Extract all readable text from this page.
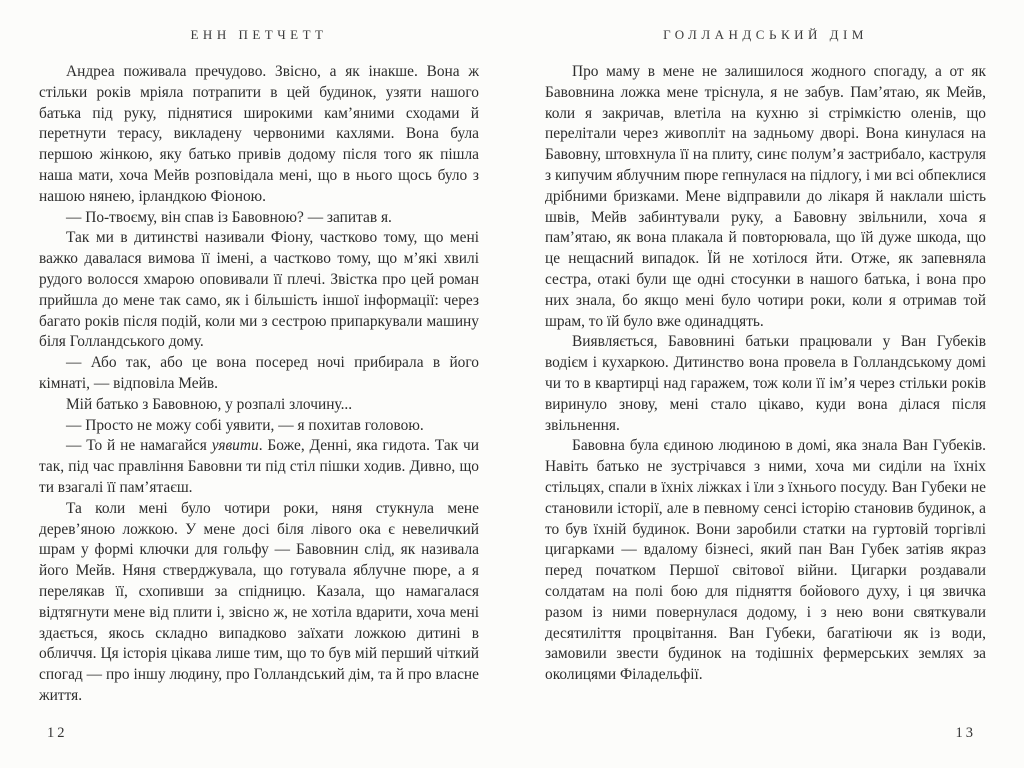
ЕНН ПЕТЧЕТТ

Андреа поживала пречудово. Звісно, а як інакше. Вона ж стільки років мріяла потрапити в цей будинок, узяти нашого батька під руку, піднятися широкими кам’яними сходами й перетнути терасу, викладену червоними кахлями. Вона була першою жінкою, яку батько привів додому після того як пішла наша мати, хоча Мейв розповідала мені, що в нього щось було з нашою нянею, ірландкою Фіоною.

— По-твоєму, він спав із Бавовною? — запитав я.

Так ми в дитинстві називали Фіону, частково тому, що мені важко давалася вимова її імені, а частково тому, що м’які хвилі рудого волосся хмарою оповивали її плечі. Звістка про цей роман прийшла до мене так само, як і більшість іншої інформації: через багато років після подій, коли ми з сестрою припаркували машину біля Голландського дому.

— Або так, або це вона посеред ночі прибирала в його кімнаті, — відповіла Мейв.

Мій батько з Бавовною, у розпалі злочину...

— Просто не можу собі уявити, — я похитав головою.

— То й не намагайся уявити. Боже, Денні, яка гидота. Так чи так, під час правління Бавовни ти під стіл пішки ходив. Дивно, що ти взагалі її пам’ятаєш.

Та коли мені було чотири роки, няня стукнула мене дерев’яною ложкою. У мене досі біля лівого ока є невеличкий шрам у формі ключки для гольфу — Бавовнин слід, як називала його Мейв. Няня стверджувала, що готувала яблучне пюре, а я перелякав її, схопивши за спідницю. Казала, що намагалася відтягнути мене від плити і, звісно ж, не хотіла вдарити, хоча мені здається, якось складно випадково заїхати ложкою дитині в обличчя. Ця історія цікава лише тим, що то був мій перший чіткий спогад — про іншу людину, про Голландський дім, та й про власне життя.

12
ГОЛЛАНДСЬКИЙ ДІМ

Про маму в мене не залишилося жодного спогаду, а от як Бавовнина ложка мене тріснула, я не забув. Пам’ятаю, як Мейв, коли я закричав, влетіла на кухню зі стрімкістю оленів, що перелітали через живопліт на задньому дворі. Вона кинулася на Бавовну, штовхнула її на плиту, синє полум’я застрибало, каструля з кипучим яблучним пюре гепнулася на підлогу, і ми всі обпеклися дрібними бризками. Мене відправили до лікаря й наклали шість швів, Мейв забинтували руку, а Бавовну звільнили, хоча я пам’ятаю, як вона плакала й повторювала, що їй дуже шкода, що це нещасний випадок. Їй не хотілося йти. Отже, як запевняла сестра, отакі були ще одні стосунки в нашого батька, і вона про них знала, бо якщо мені було чотири роки, коли я отримав той шрам, то їй було вже одинадцять.

Виявляється, Бавовнині батьки працювали у Ван Губеків водієм і кухаркою. Дитинство вона провела в Голландському домі чи то в квартирці над гаражем, тож коли її ім’я через стільки років виринуло знову, мені стало цікаво, куди вона ділася після звільнення.

Бавовна була єдиною людиною в домі, яка знала Ван Губеків. Навіть батько не зустрічався з ними, хоча ми сиділи на їхніх стільцях, спали в їхніх ліжках і їли з їхнього посуду. Ван Губеки не становили історії, але в певному сенсі історію становив будинок, а то був їхній будинок. Вони заробили статки на гуртовій торгівлі цигарками — вдалому бізнесі, який пан Ван Губек затіяв якраз перед початком Першої світової війни. Цигарки роздавали солдатам на полі бою для підняття бойового духу, і ця звичка разом із ними повернулася додому, і з нею вони святкували десятиліття процвітання. Ван Губеки, багатіючи як із води, замовили звести будинок на тодішніх фермерських землях за околицями Філадельфії.

13
